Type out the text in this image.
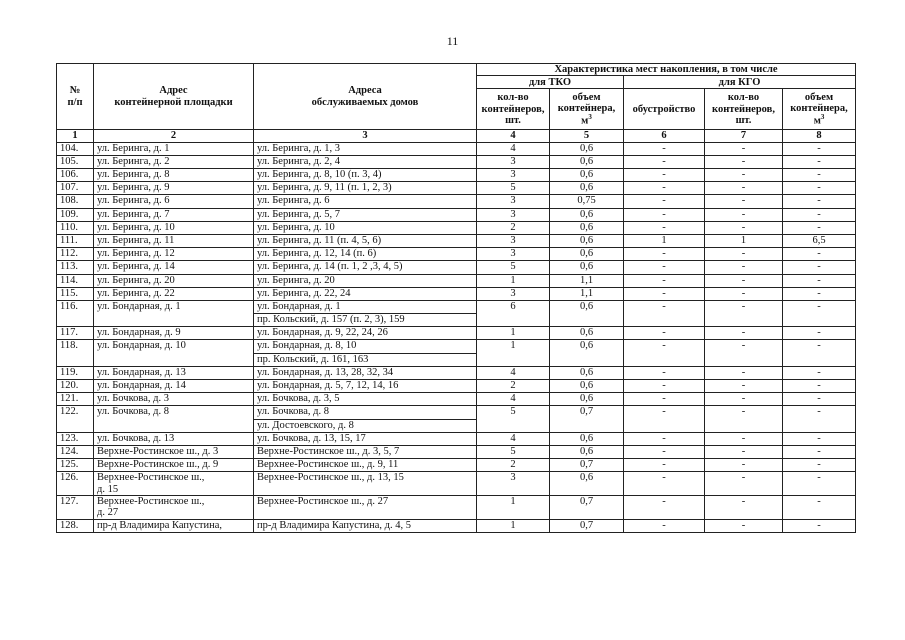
11
№
п/п	Адрес
контейнерной площадки	Адреса
обслуживаемых домов	Характеристика мест накопления, в том числе				
			для ТКО		для КГО		
			кол-во
контейнеров,
шт.	объем
контейнера,
$м^3$	обустройство	кол-во
контейнеров,
шт.	объем
контейнера,
$м^3$
1	2	3	4	5	6	7	8
104.	ул. Беринга, д. 1	ул. Беринга, д. 1, 3	4	0,6	-	-	-
105.	ул. Беринга, д. 2	ул. Беринга, д. 2, 4	3	0,6	-	-	-
106.	ул. Беринга, д. 8	ул. Беринга, д. 8, 10 (п. 3, 4)	3	0,6	-	-	-
107.	ул. Беринга, д. 9	ул. Беринга, д. 9, 11 (п. 1, 2, 3)	5	0,6	-	-	-
108.	ул. Беринга, д. 6	ул. Беринга, д. 6	3	0,75	-	-	-
109.	ул. Беринга, д. 7	ул. Беринга, д. 5, 7	3	0,6	-	-	-
110.	ул. Беринга, д. 10	ул. Беринга, д. 10	2	0,6	-	-	-
111.	ул. Беринга, д. 11	ул. Беринга, д. 11 (п. 4, 5, 6)	3	0,6	1	1	6,5
112.	ул. Беринга, д. 12	ул. Беринга, д. 12, 14 (п. 6)	3	0,6	-	-	-
113.	ул. Беринга, д. 14	ул. Беринга, д. 14 (п. 1, 2 ,3, 4, 5)	5	0,6	-	-	-
114.	ул. Беринга, д. 20	ул. Беринга, д. 20	1	1,1	-	-	-
115.	ул. Беринга, д. 22	ул. Беринга, д. 22, 24	3	1,1	-	-	-
116.	ул. Бондарная, д. 1	ул. Бондарная, д. 1	6	0,6	-	-	-
		пр. Кольский, д. 157 (п. 2, 3), 159					
117.	ул. Бондарная, д. 9	ул. Бондарная, д. 9, 22, 24, 26	1	0,6	-	-	-
118.	ул. Бондарная, д. 10	ул. Бондарная, д. 8, 10	1	0,6	-	-	-
		пр. Кольский, д. 161, 163					
119.	ул. Бондарная, д. 13	ул. Бондарная, д. 13, 28, 32, 34	4	0,6	-	-	-
120.	ул. Бондарная, д. 14	ул. Бондарная, д. 5, 7, 12, 14, 16	2	0,6	-	-	-
121.	ул. Бочкова, д. 3	ул. Бочкова, д. 3, 5	4	0,6	-	-	-
122.	ул. Бочкова, д. 8	ул. Бочкова, д. 8	5	0,7	-	-	-
		ул. Достоевского, д. 8					
123.	ул. Бочкова, д. 13	ул. Бочкова, д. 13, 15, 17	4	0,6	-	-	-
124.	Верхне-Ростинское ш., д. 3	Верхне-Ростинское ш., д. 3, 5, 7	5	0,6	-	-	-
125.	Верхне-Ростинское ш., д. 9	Верхнее-Ростинское ш., д. 9, 11	2	0,7	-	-	-
126.	Верхнее-Ростинское ш.,
д. 15	Верхнее-Ростинское ш., д. 13, 15	3	0,6	-	-	-
127.	Верхнее-Ростинское ш.,
д. 27	Верхнее-Ростинское ш., д. 27	1	0,7	-	-	-
128.	пр-д Владимира Капустина,	пр-д Владимира Капустина, д. 4, 5	1	0,7	-	-	-
